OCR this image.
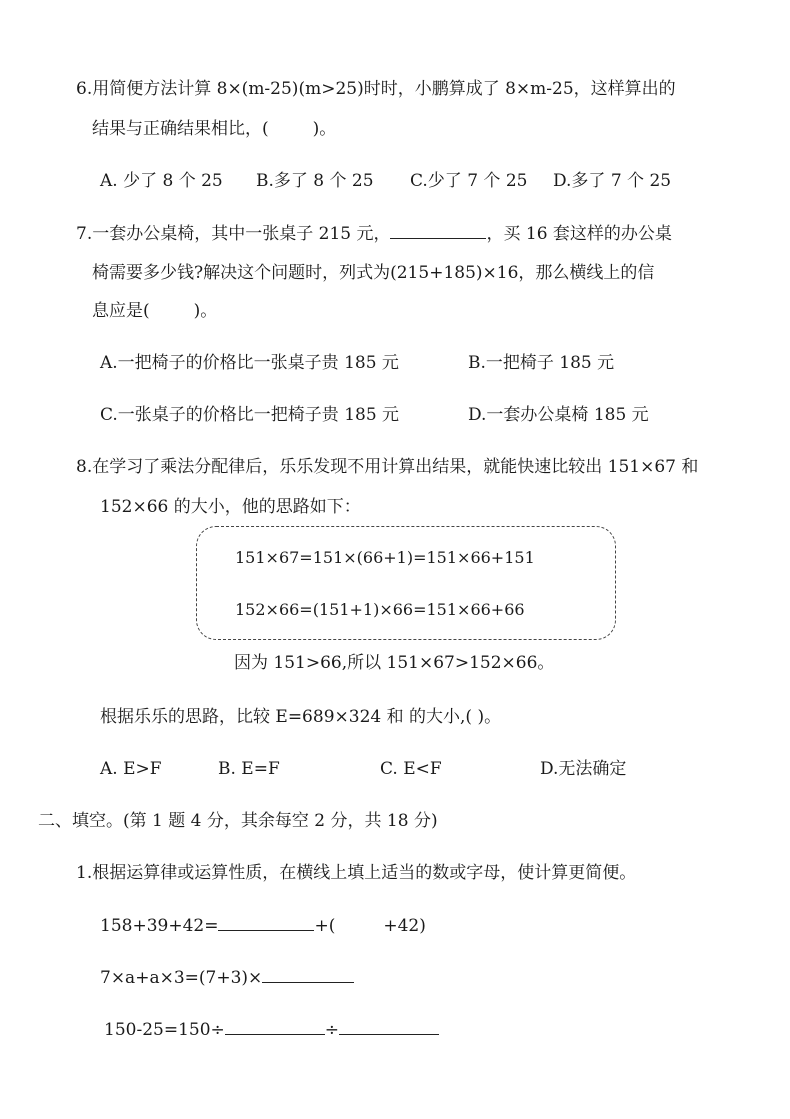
6.用简便方法计算 8×(m-25)(m>25)时时，小鹏算成了 8×m-25，这样算出的
结果与正确结果相比，(	)。
A. 少了 8 个 25 B.多了 8 个 25 C.少了 7 个 25 D.多了 7 个 25
7.一套办公桌椅，其中一张桌子 215 元，	，买 16 套这样的办公桌
椅需要多少钱?解决这个问题时，列式为(215+185)×16，那么横线上的信
息应是(	)。
A.一把椅子的价格比一张桌子贵 185 元	B.一把椅子 185 元
C.一张桌子的价格比一把椅子贵 185 元	D.一套办公桌椅 185 元
8.在学习了乘法分配律后，乐乐发现不用计算出结果，就能快速比较出 151×67 和
152×66 的大小，他的思路如下：
151×67=151×(66+1)=151×66+151
152×66=(151+1)×66=151×66+66
因为 151>66,所以 151×67>152×66。
根据乐乐的思路，比较 E=689×324 和 的大小,( )。
A. E>F	B. E=F	C. E<F	D.无法确定
二、填空。(第 1 题 4 分，其余每空 2 分，共 18 分)
1.根据运算律或运算性质，在横线上填上适当的数或字母，使计算更简便。
158+39+42=	+(	+42)
7×a+a×3=(7+3)×
150-25=150÷	÷
